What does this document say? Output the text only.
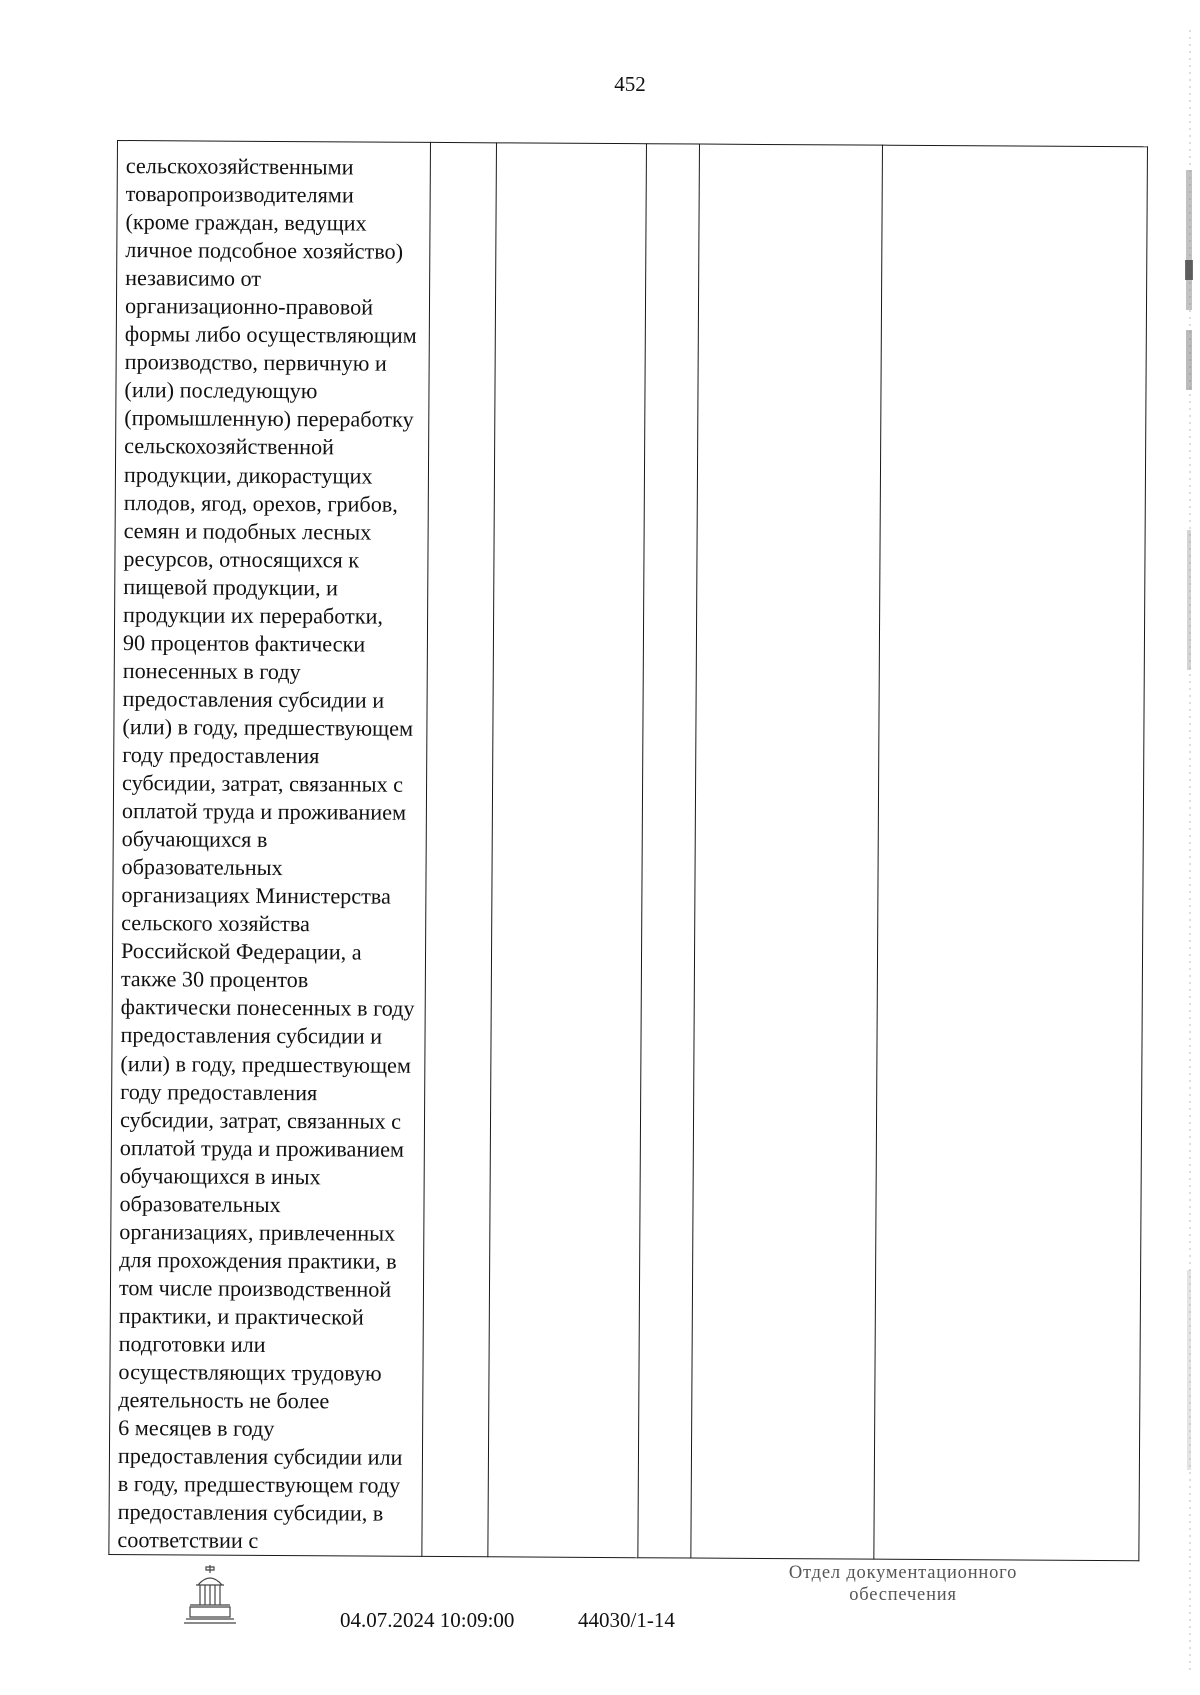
452
сельскохозяйственными
товаропроизводителями
(кроме граждан, ведущих
личное подсобное хозяйство)
независимо от
организационно-правовой
формы либо осуществляющим
производство, первичную и
(или) последующую
(промышленную) переработку
сельскохозяйственной
продукции, дикорастущих
плодов, ягод, орехов, грибов,
семян и подобных лесных
ресурсов, относящихся к
пищевой продукции, и
продукции их переработки,
90 процентов фактически
понесенных в году
предоставления субсидии и
(или) в году, предшествующем
году предоставления
субсидии, затрат, связанных с
оплатой труда и проживанием
обучающихся в
образовательных
организациях Министерства
сельского хозяйства
Российской Федерации, а
также 30 процентов
фактически понесенных в году
предоставления субсидии и
(или) в году, предшествующем
году предоставления
субсидии, затрат, связанных с
оплатой труда и проживанием
обучающихся в иных
образовательных
организациях, привлеченных
для прохождения практики, в
том числе производственной
практики, и практической
подготовки или
осуществляющих трудовую
деятельность не более
6 месяцев в году
предоставления субсидии или
в году, предшествующем году
предоставления субсидии, в
соответствии с

04.07.2024 10:09:00	44030/1-14
Отдел документационного
обеспечения
